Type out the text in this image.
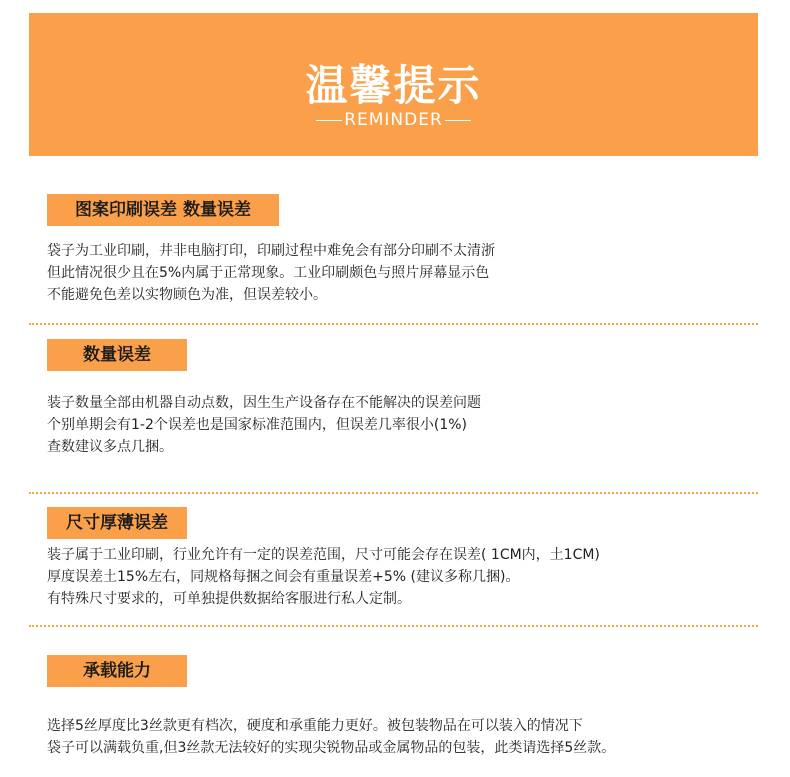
温馨提示
REMINDER
图案印刷误差 数量误差
袋子为工业印刷，井非电脑打印，印刷过程中难免会有部分印刷不太清浙
但此情况很少且在5%内属于正常现象。工业印刷颇色与照片屏幕显示色
不能避免色差以实物顾色为准，但误差较小。
数量误差
装子数量全部由机器自动点数，因生生产设备存在不能解决的误差问题
个别单期会有1-2个误差也是国家标准范围内，但误差几率很小(1%)
查数建议多点几捆。
尺寸厚薄误差
装子属于工业印刷，行业允许有一定的误差范围，尺寸可能会存在误差( 1CM内，土1CM)
厚度误差土15%左右，同规格每捆之间会有重量误差+5% (建议多称几捆)。
有特殊尺寸要求的，可单独提供数据给客服进行私人定制。
承载能力
选择5丝厚度比3丝款更有档次，硬度和承重能力更好。被包装物品在可以装入的情况下
袋子可以满载负重,但3丝款无法较好的实现尖锐物品或金属物品的包装，此类请选择5丝款。
